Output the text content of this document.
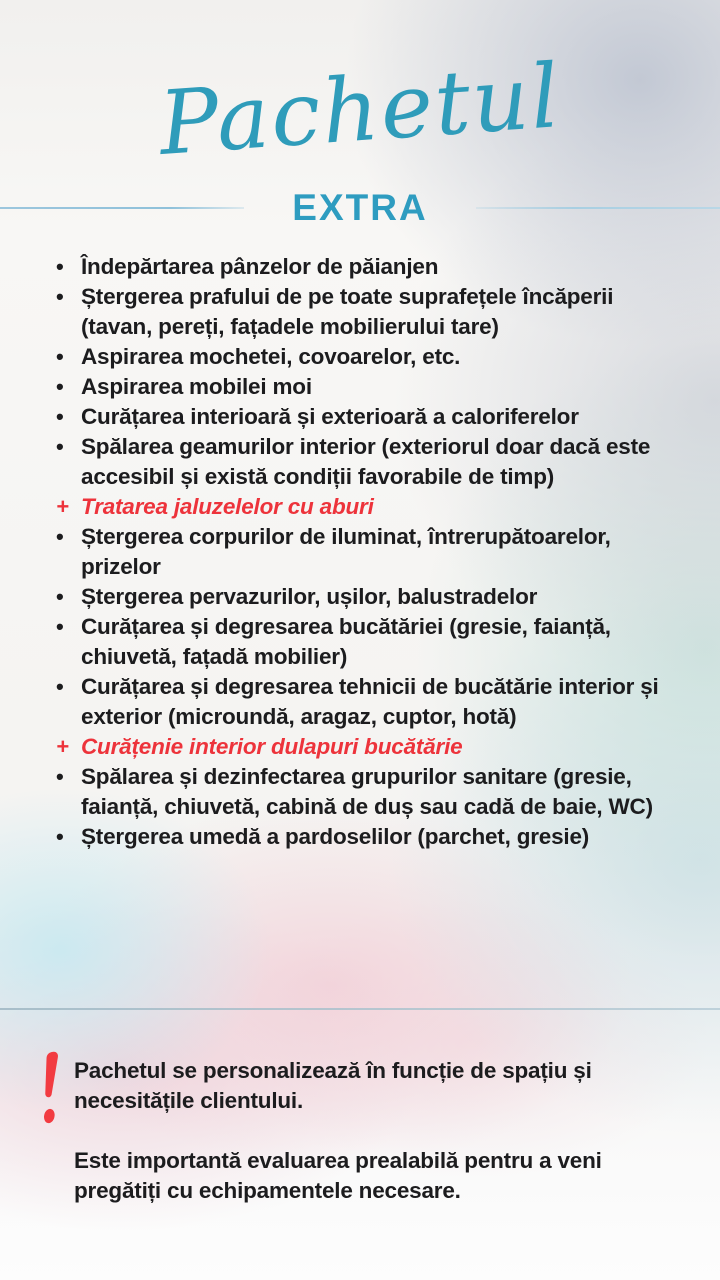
Pachetul
EXTRA
• Îndepărtarea pânzelor de păianjen
• Ștergerea prafului de pe toate suprafețele încăperii (tavan, pereți, fațadele mobilierului tare)
• Aspirarea mochetei, covoarelor, etc.
• Aspirarea mobilei moi
• Curățarea interioară și exterioară a caloriferelor
• Spălarea geamurilor interior (exteriorul doar dacă este accesibil și există condiții favorabile de timp)
+ Tratarea jaluzelelor cu aburi
• Ștergerea corpurilor de iluminat, întrerupătoarelor, prizelor
• Ștergerea pervazurilor, ușilor, balustradelor
• Curățarea și degresarea bucătăriei (gresie, faianță, chiuvetă, fațadă mobilier)
• Curățarea și degresarea tehnicii de bucătărie interior și exterior (microundă, aragaz, cuptor, hotă)
+ Curățenie interior dulapuri bucătărie
• Spălarea și dezinfectarea grupurilor sanitare (gresie, faianță, chiuvetă, cabină de duș sau cadă de baie, WC)
• Ștergerea umedă a pardoselilor (parchet, gresie)

Pachetul se personalizează în funcție de spațiu și necesitățile clientului.

Este importantă evaluarea prealabilă pentru a veni pregătiți cu echipamentele necesare.
